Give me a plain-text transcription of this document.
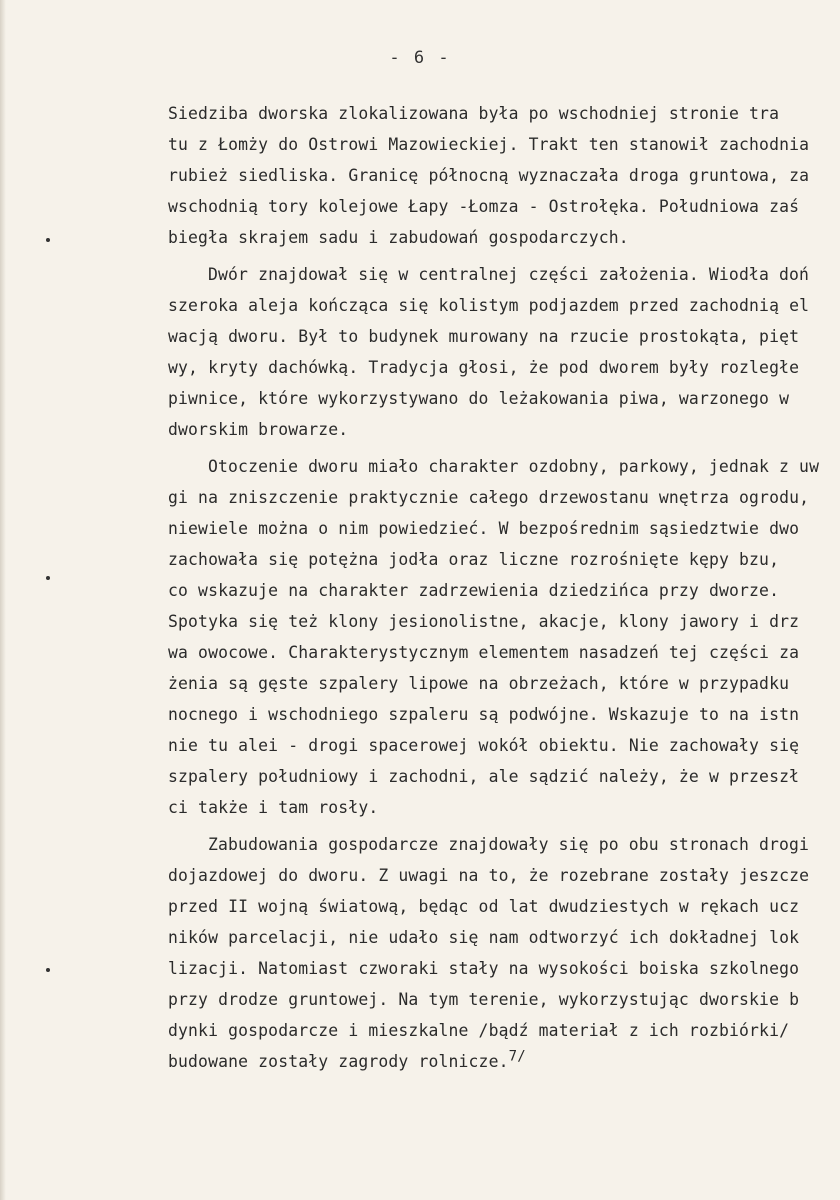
- 6 -
Siedziba dworska zlokalizowana była po wschodniej stronie tra
tu z Łomży do Ostrowi Mazowieckiej. Trakt ten stanowił zachodnia
rubież siedliska. Granicę północną wyznaczała droga gruntowa, za
wschodnią tory kolejowe Łapy -Łomza - Ostrołęka. Południowa zaś
biegła skrajem sadu i zabudowań gospodarczych.
Dwór znajdował się w centralnej części założenia. Wiodła doń
szeroka aleja kończąca się kolistym podjazdem przed zachodnią el
wacją dworu. Był to budynek murowany na rzucie prostokąta, pięt
wy, kryty dachówką. Tradycja głosi, że pod dworem były rozległe
piwnice, które wykorzystywano do leżakowania piwa, warzonego w
dworskim browarze.
Otoczenie dworu miało charakter ozdobny, parkowy, jednak z uw
gi na zniszczenie praktycznie całego drzewostanu wnętrza ogrodu,
niewiele można o nim powiedzieć. W bezpośrednim sąsiedztwie dwo
zachowała się potężna jodła oraz liczne rozrośnięte kępy bzu,
co wskazuje na charakter zadrzewienia dziedzińca przy dworze.
Spotyka się też klony jesionolistne, akacje, klony jawory i drz
wa owocowe. Charakterystycznym elementem nasadzeń tej części za
żenia są gęste szpalery lipowe na obrzeżach, które w przypadku
nocnego i wschodniego szpaleru są podwójne. Wskazuje to na istn
nie tu alei - drogi spacerowej wokół obiektu. Nie zachowały się
szpalery południowy i zachodni, ale sądzić należy, że w przeszł
ci także i tam rosły.
Zabudowania gospodarcze znajdowały się po obu stronach drogi
dojazdowej do dworu. Z uwagi na to, że rozebrane zostały jeszcze
przed II wojną światową, będąc od lat dwudziestych w rękach ucz
ników parcelacji, nie udało się nam odtworzyć ich dokładnej lok
lizacji. Natomiast czworaki stały na wysokości boiska szkolnego
przy drodze gruntowej. Na tym terenie, wykorzystując dworskie b
dynki gospodarcze i mieszkalne /bądź materiał z ich rozbiórki/
budowane zostały zagrody rolnicze.7/
